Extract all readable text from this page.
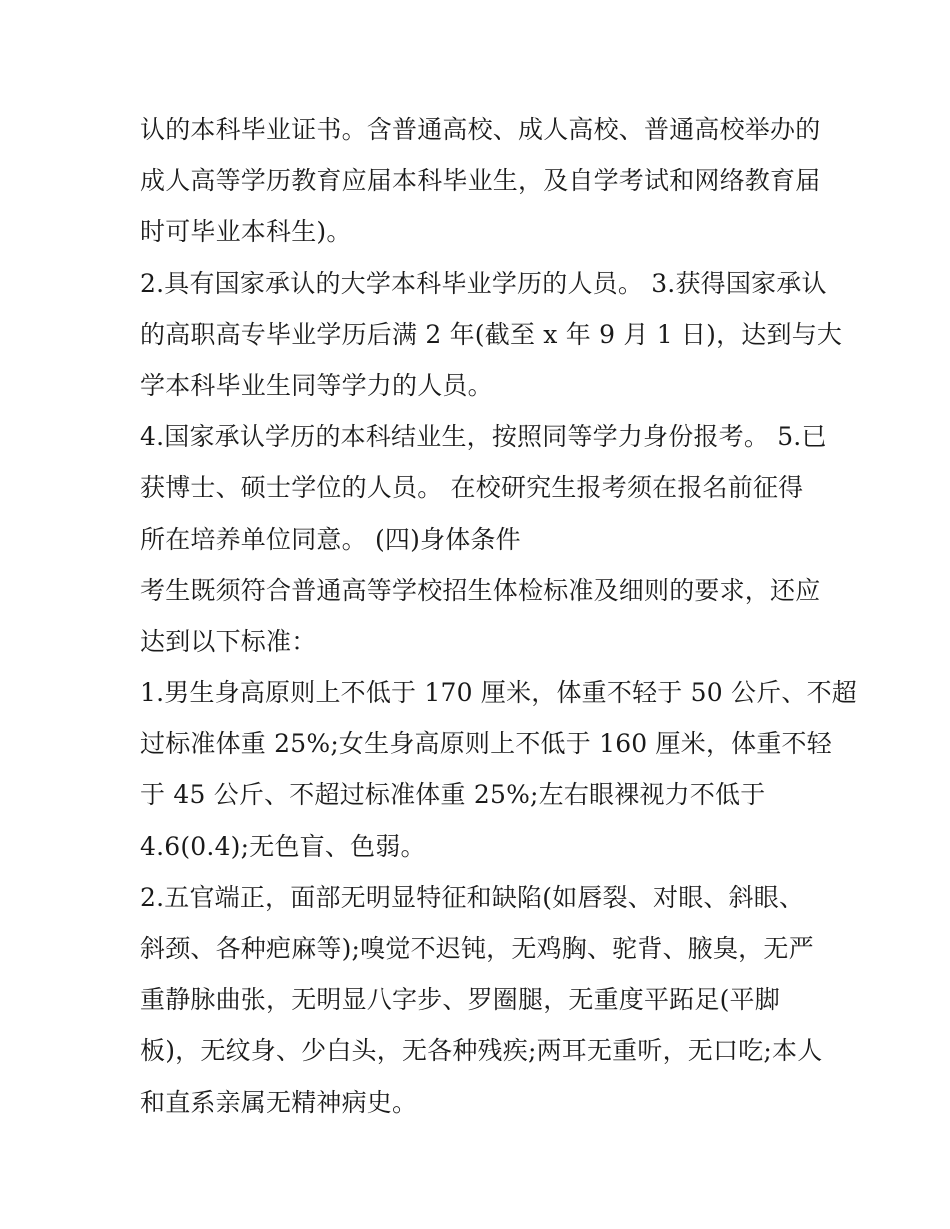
认的本科毕业证书。含普通高校、成人高校、普通高校举办的
成人高等学历教育应届本科毕业生，及自学考试和网络教育届
时可毕业本科生)。
2.具有国家承认的大学本科毕业学历的人员。 3.获得国家承认
的高职高专毕业学历后满 2 年(截至 x 年 9 月 1 日)，达到与大
学本科毕业生同等学力的人员。
4.国家承认学历的本科结业生，按照同等学力身份报考。 5.已
获博士、硕士学位的人员。 在校研究生报考须在报名前征得
所在培养单位同意。 (四)身体条件
考生既须符合普通高等学校招生体检标准及细则的要求，还应
达到以下标准：
1.男生身高原则上不低于 170 厘米，体重不轻于 50 公斤、不超
过标准体重 25%;女生身高原则上不低于 160 厘米，体重不轻
于 45 公斤、不超过标准体重 25%;左右眼裸视力不低于
4.6(0.4);无色盲、色弱。
2.五官端正，面部无明显特征和缺陷(如唇裂、对眼、斜眼、
斜颈、各种疤麻等);嗅觉不迟钝，无鸡胸、驼背、腋臭，无严
重静脉曲张，无明显八字步、罗圈腿，无重度平跖足(平脚
板)，无纹身、少白头，无各种残疾;两耳无重听，无口吃;本人
和直系亲属无精神病史。
